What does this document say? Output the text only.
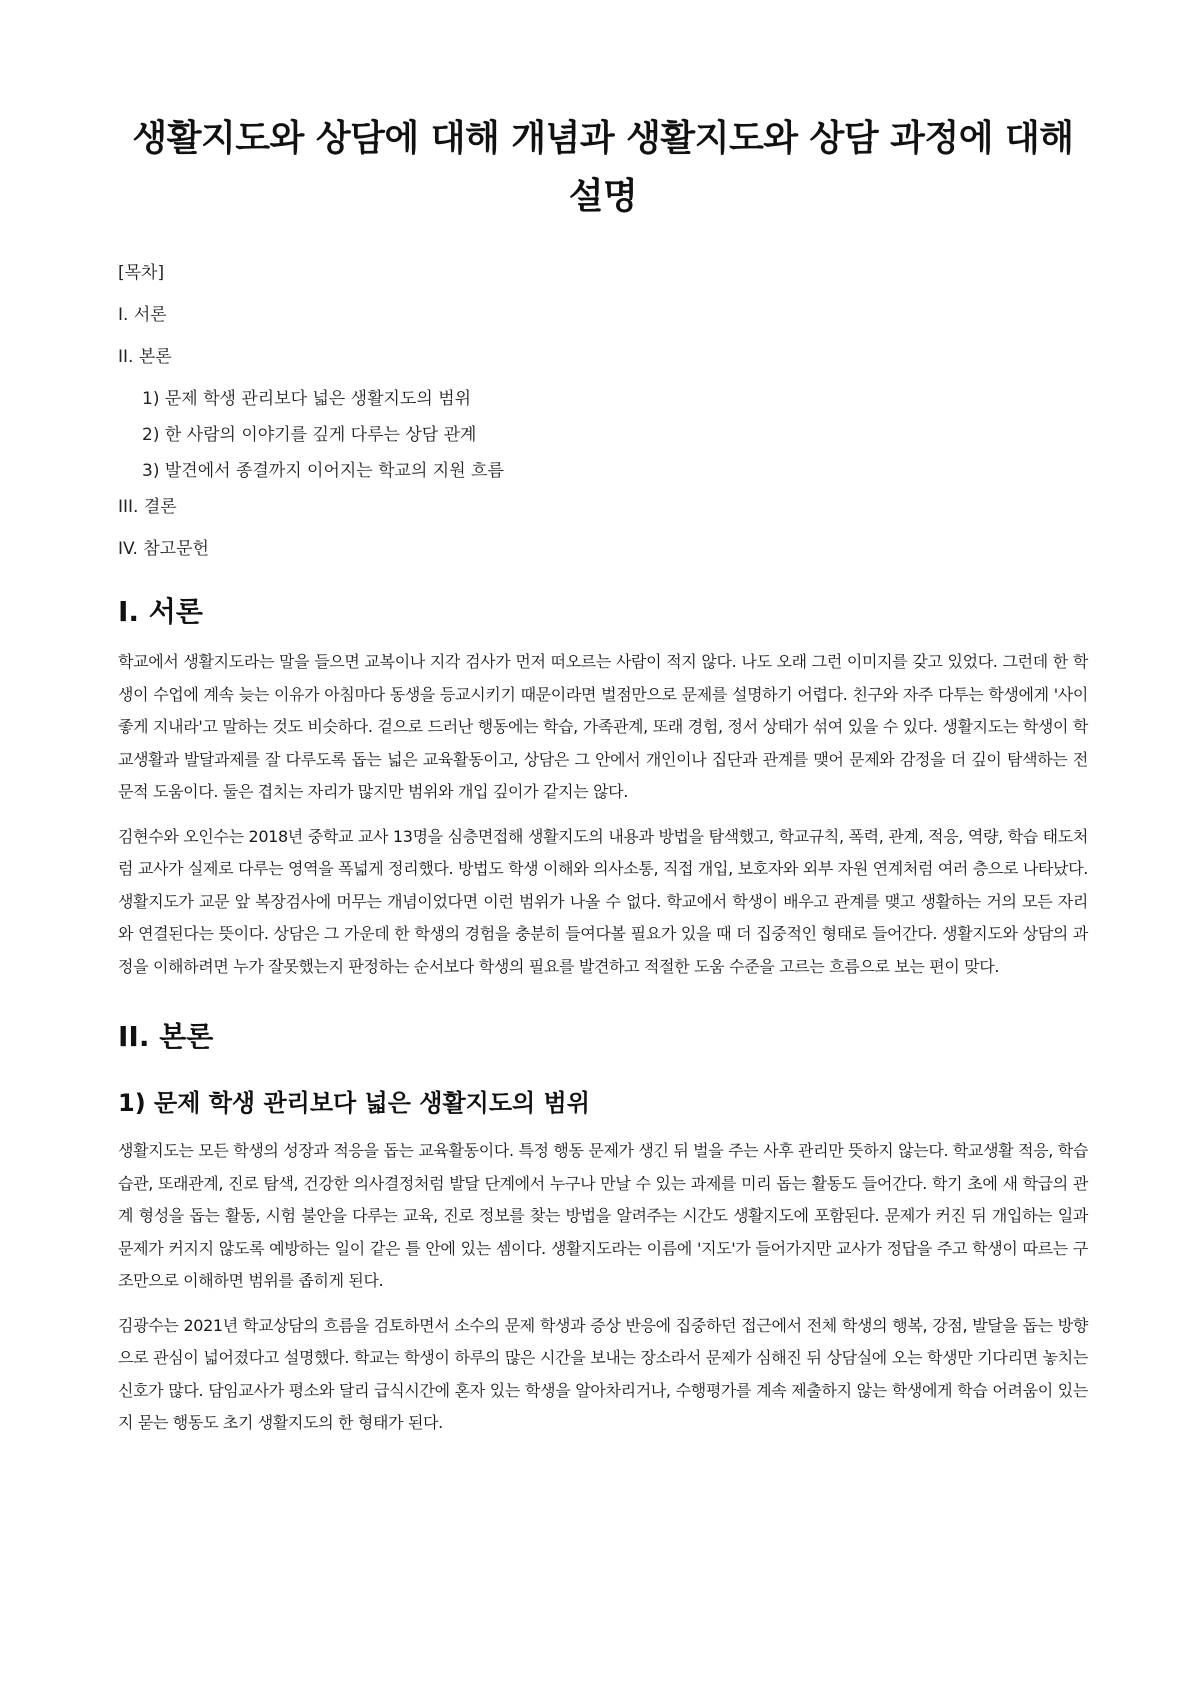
생활지도와 상담에 대해 개념과 생활지도와 상담 과정에 대해 설명
[목차]
I. 서론
II. 본론
1) 문제 학생 관리보다 넓은 생활지도의 범위
2) 한 사람의 이야기를 깊게 다루는 상담 관계
3) 발견에서 종결까지 이어지는 학교의 지원 흐름
III. 결론
IV. 참고문헌
I. 서론

학교에서 생활지도라는 말을 들으면 교복이나 지각 검사가 먼저 떠오르는 사람이 적지 않다. 나도 오래 그런 이미지를 갖고 있었다. 그런데 한 학생이 수업에 계속 늦는 이유가 아침마다 동생을 등교시키기 때문이라면 벌점만으로 문제를 설명하기 어렵다. 친구와 자주 다투는 학생에게 '사이좋게 지내라'고 말하는 것도 비슷하다. 겉으로 드러난 행동에는 학습, 가족관계, 또래 경험, 정서 상태가 섞여 있을 수 있다. 생활지도는 학생이 학교생활과 발달과제를 잘 다루도록 돕는 넓은 교육활동이고, 상담은 그 안에서 개인이나 집단과 관계를 맺어 문제와 감정을 더 깊이 탐색하는 전문적 도움이다. 둘은 겹치는 자리가 많지만 범위와 개입 깊이가 같지는 않다.

김현수와 오인수는 2018년 중학교 교사 13명을 심층면접해 생활지도의 내용과 방법을 탐색했고, 학교규칙, 폭력, 관계, 적응, 역량, 학습 태도처럼 교사가 실제로 다루는 영역을 폭넓게 정리했다. 방법도 학생 이해와 의사소통, 직접 개입, 보호자와 외부 자원 연계처럼 여러 층으로 나타났다. 생활지도가 교문 앞 복장검사에 머무는 개념이었다면 이런 범위가 나올 수 없다. 학교에서 학생이 배우고 관계를 맺고 생활하는 거의 모든 자리와 연결된다는 뜻이다. 상담은 그 가운데 한 학생의 경험을 충분히 들여다볼 필요가 있을 때 더 집중적인 형태로 들어간다. 생활지도와 상담의 과정을 이해하려면 누가 잘못했는지 판정하는 순서보다 학생의 필요를 발견하고 적절한 도움 수준을 고르는 흐름으로 보는 편이 맞다.

II. 본론
1) 문제 학생 관리보다 넓은 생활지도의 범위

생활지도는 모든 학생의 성장과 적응을 돕는 교육활동이다. 특정 행동 문제가 생긴 뒤 벌을 주는 사후 관리만 뜻하지 않는다. 학교생활 적응, 학습 습관, 또래관계, 진로 탐색, 건강한 의사결정처럼 발달 단계에서 누구나 만날 수 있는 과제를 미리 돕는 활동도 들어간다. 학기 초에 새 학급의 관계 형성을 돕는 활동, 시험 불안을 다루는 교육, 진로 정보를 찾는 방법을 알려주는 시간도 생활지도에 포함된다. 문제가 커진 뒤 개입하는 일과 문제가 커지지 않도록 예방하는 일이 같은 틀 안에 있는 셈이다. 생활지도라는 이름에 '지도'가 들어가지만 교사가 정답을 주고 학생이 따르는 구조만으로 이해하면 범위를 좁히게 된다.

김광수는 2021년 학교상담의 흐름을 검토하면서 소수의 문제 학생과 증상 반응에 집중하던 접근에서 전체 학생의 행복, 강점, 발달을 돕는 방향으로 관심이 넓어졌다고 설명했다. 학교는 학생이 하루의 많은 시간을 보내는 장소라서 문제가 심해진 뒤 상담실에 오는 학생만 기다리면 놓치는 신호가 많다. 담임교사가 평소와 달리 급식시간에 혼자 있는 학생을 알아차리거나, 수행평가를 계속 제출하지 않는 학생에게 학습 어려움이 있는지 묻는 행동도 초기 생활지도의 한 형태가 된다.
